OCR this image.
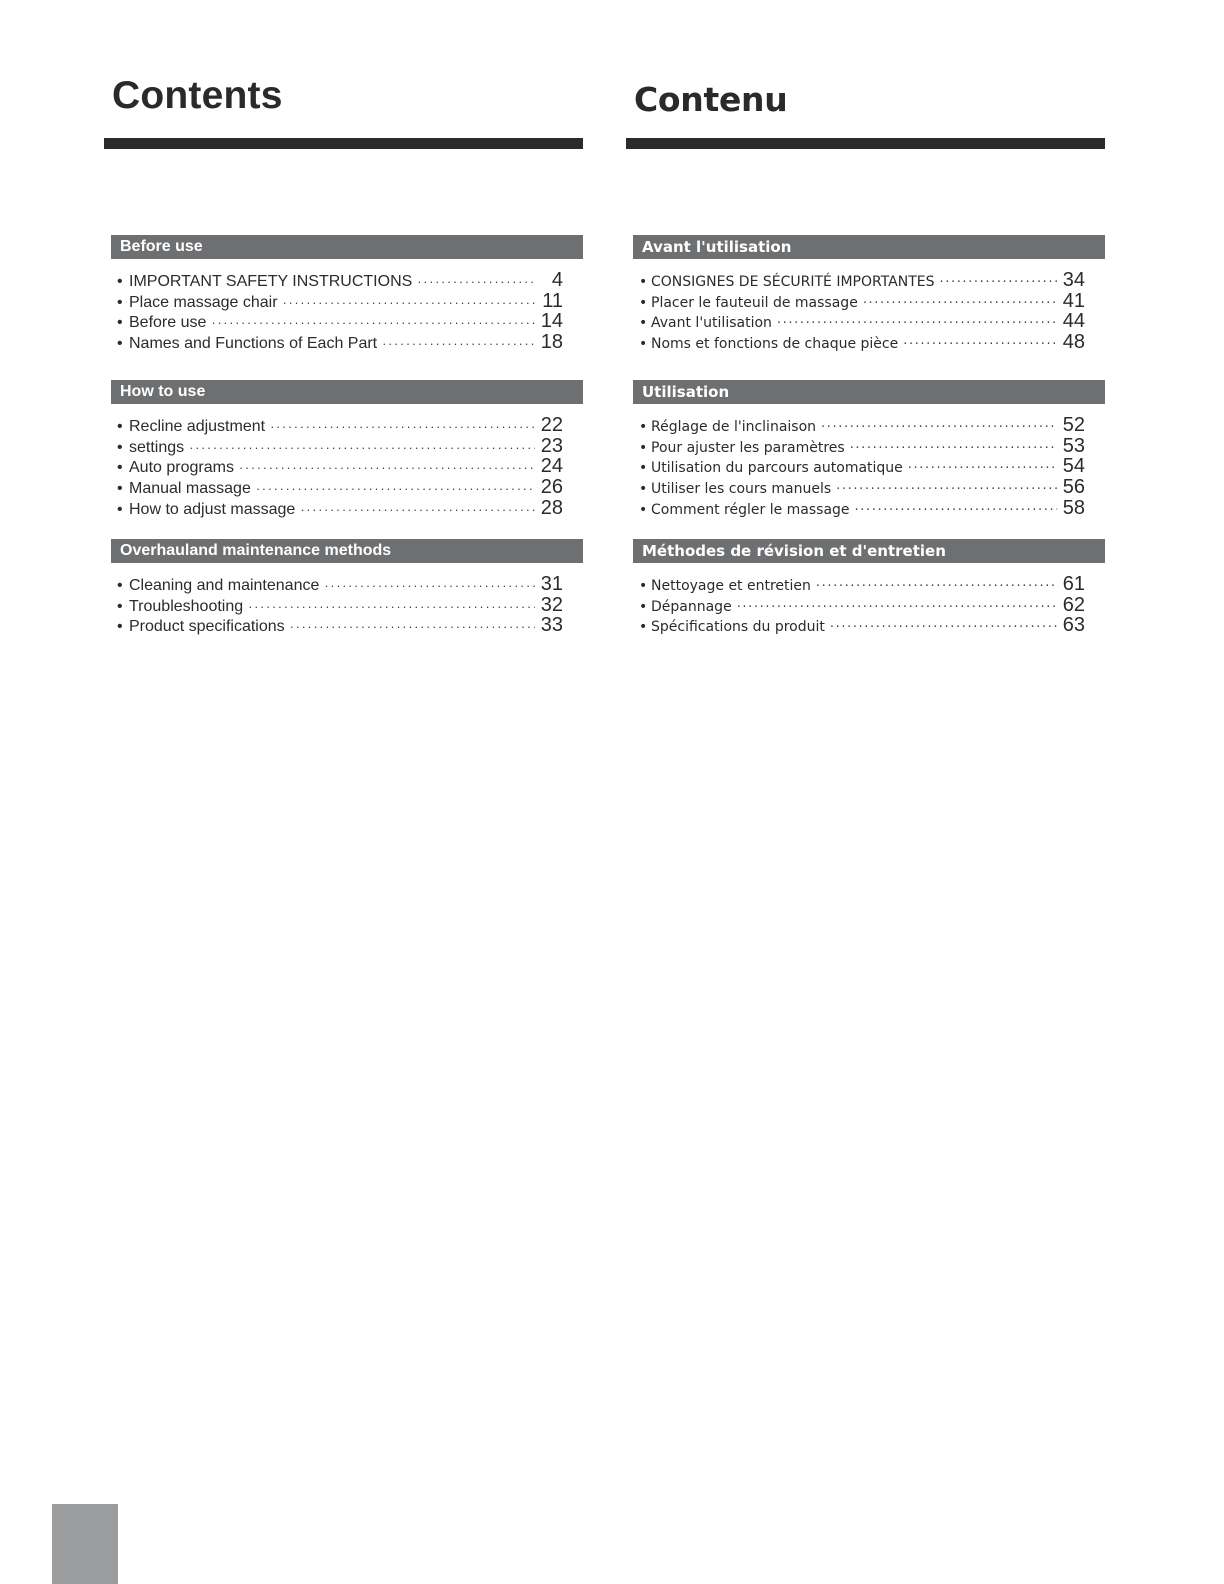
Contents
Before use
• IMPORTANT SAFETY INSTRUCTIONS ·····	4
• Place massage chair ·····	11
• Before use ·····	14
• Names and Functions of Each Part ·····	18
How to use
• Recline adjustment ·····	22
• settings ·····	23
• Auto programs ·····	24
• Manual massage ·····	26
• How to adjust massage ·····	28
Overhauland maintenance methods
• Cleaning and maintenance ·····	31
• Troubleshooting ·····	32
• Product specifications ·····	33
Contenu
Avant l'utilisation
• CONSIGNES DE SÉCURITÉ IMPORTANTES ·····	34
• Placer le fauteuil de massage ·····	41
• Avant l'utilisation ·····	44
• Noms et fonctions de chaque pièce ·····	48
Utilisation
• Réglage de l'inclinaison ·····	52
• Pour ajuster les paramètres ·····	53
• Utilisation du parcours automatique ·····	54
• Utiliser les cours manuels ·····	56
• Comment régler le massage ·····	58
Méthodes de révision et d'entretien
• Nettoyage et entretien ·····	61
• Dépannage ·····	62
• Spécifications du produit ·····	63
